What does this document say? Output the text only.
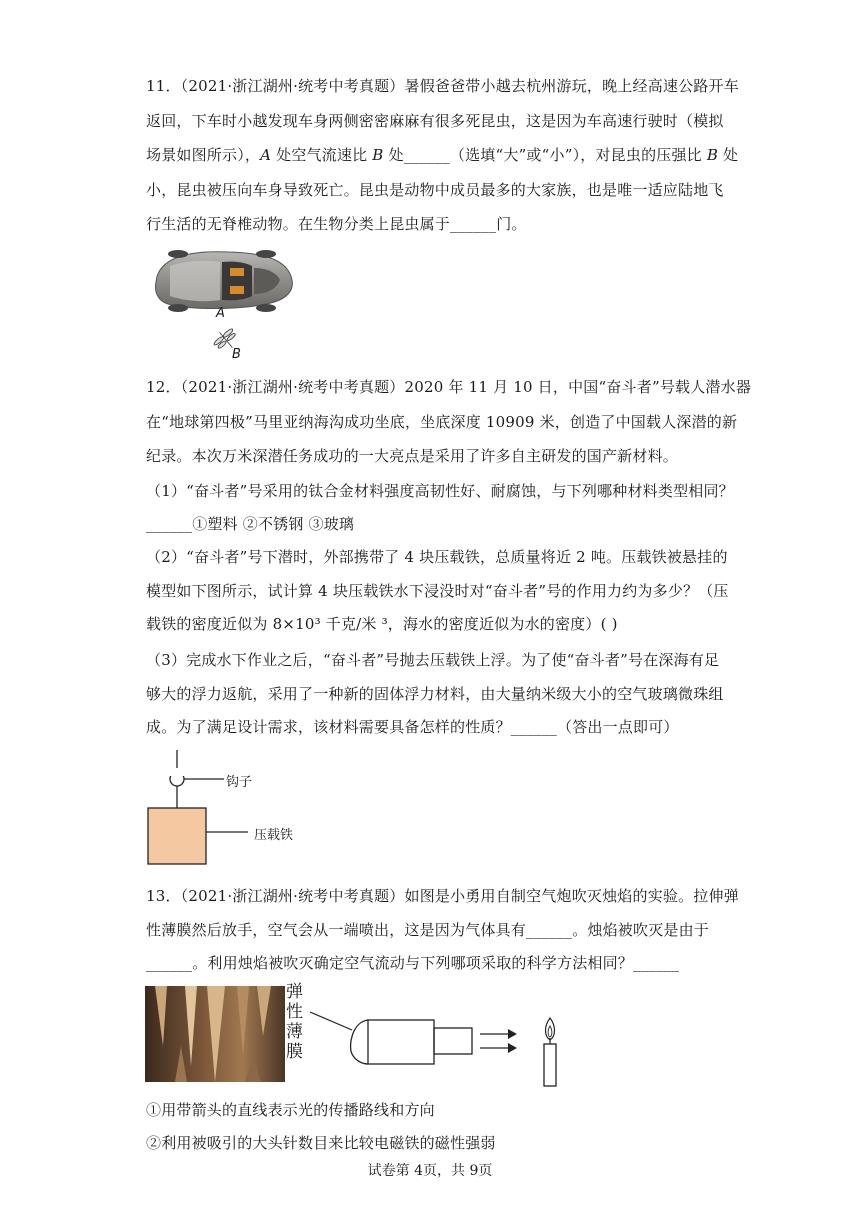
11．（2021·浙江湖州·统考中考真题）暑假爸爸带小越去杭州游玩，晚上经高速公路开车
返回，下车时小越发现车身两侧密密麻麻有很多死昆虫，这是因为车高速行驶时（模拟
场景如图所示），A 处空气流速比 B 处______（选填“大”或“小”），对昆虫的压强比 B 处
小，昆虫被压向车身导致死亡。昆虫是动物中成员最多的大家族，也是唯一适应陆地飞
行生活的无脊椎动物。在生物分类上昆虫属于______门。
A
B
12．（2021·浙江湖州·统考中考真题）2020 年 11 月 10 日，中国“奋斗者”号载人潜水器
在“地球第四极”马里亚纳海沟成功坐底，坐底深度 10909 米，创造了中国载人深潜的新
纪录。本次万米深潜任务成功的一大亮点是采用了许多自主研发的国产新材料。
（1）“奋斗者”号采用的钛合金材料强度高韧性好、耐腐蚀，与下列哪种材料类型相同？
______①塑料 ②不锈钢 ③玻璃
（2）“奋斗者”号下潜时，外部携带了 4 块压载铁，总质量将近 2 吨。压载铁被悬挂的
模型如下图所示，试计算 4 块压载铁水下浸没时对“奋斗者”号的作用力约为多少？（压
载铁的密度近似为 8×10³ 千克/米 ³，海水的密度近似为水的密度）( )
（3）完成水下作业之后，“奋斗者”号抛去压载铁上浮。为了使“奋斗者”号在深海有足
够大的浮力返航，采用了一种新的固体浮力材料，由大量纳米级大小的空气玻璃微珠组
成。为了满足设计需求，该材料需要具备怎样的性质？______（答出一点即可）
钩子
压载铁
13．（2021·浙江湖州·统考中考真题）如图是小勇用自制空气炮吹灭烛焰的实验。拉伸弹
性薄膜然后放手，空气会从一端喷出，这是因为气体具有______。烛焰被吹灭是由于
______。利用烛焰被吹灭确定空气流动与下列哪项采取的科学方法相同？______
弹
性
薄
膜
①用带箭头的直线表示光的传播路线和方向
②利用被吸引的大头针数目来比较电磁铁的磁性强弱
试卷第 4页，共 9页
